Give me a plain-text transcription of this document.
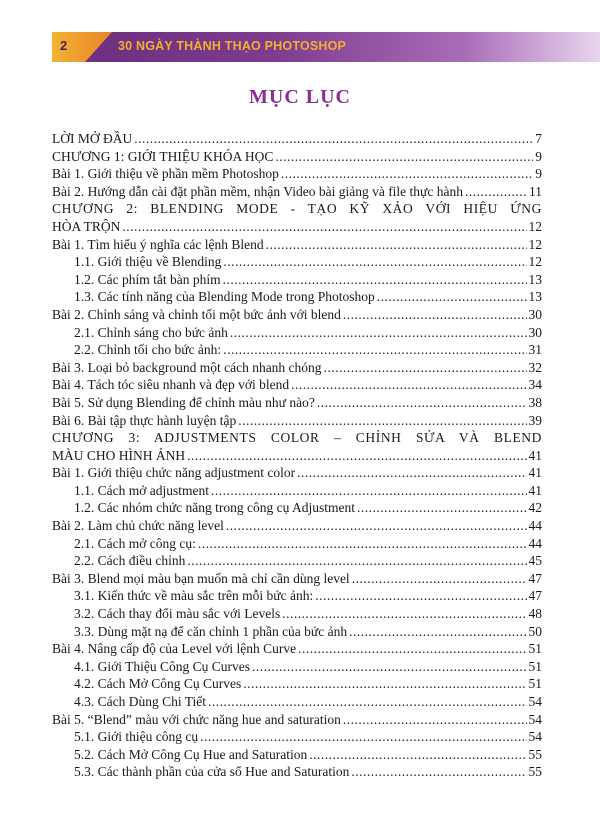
2	30 NGÀY THÀNH THẠO PHOTOSHOP
MỤC LỤC
LỜI MỞ ĐẦU .....	7
CHƯƠNG 1: GIỚI THIỆU KHÓA HỌC .....	9
Bài 1. Giới thiệu về phần mềm Photoshop .....	9
Bài 2. Hướng dẫn cài đặt phần mềm, nhận Video bài giảng và file thực hành .....	11
CHƯƠNG 2: BLENDING MODE - TẠO KỸ XẢO VỚI HIỆU ỨNG
HÒA TRỘN .....	12
Bài 1. Tìm hiểu ý nghĩa các lệnh Blend .....	12
1.1. Giới thiệu về Blending .....	12
1.2. Các phím tắt bàn phím .....	13
1.3. Các tính năng của Blending Mode trong Photoshop .....	13
Bài 2. Chỉnh sáng và chỉnh tối một bức ảnh với blend .....	30
2.1. Chỉnh sáng cho bức ảnh .....	30
2.2. Chỉnh tối cho bức ảnh: .....	31
Bài 3. Loại bỏ background một cách nhanh chóng .....	32
Bài 4. Tách tóc siêu nhanh và đẹp với blend .....	34
Bài 5. Sử dụng Blending để chỉnh màu như nào? .....	38
Bài 6. Bài tập thực hành luyện tập .....	39
CHƯƠNG 3: ADJUSTMENTS COLOR – CHỈNH SỬA VÀ BLEND
MÀU CHO HÌNH ẢNH .....	41
Bài 1. Giới thiệu chức năng adjustment color .....	41
1.1. Cách mở adjustment .....	41
1.2. Các nhóm chức năng trong công cụ Adjustment .....	42
Bài 2. Làm chủ chức năng level .....	44
2.1. Cách mở công cụ: .....	44
2.2. Cách điều chỉnh .....	45
Bài 3. Blend mọi màu bạn muốn mà chỉ cần dùng level .....	47
3.1. Kiến thức về màu sắc trên mỗi bức ảnh: .....	47
3.2. Cách thay đổi màu sắc với Levels .....	48
3.3. Dùng mặt nạ để căn chỉnh 1 phần của bức ảnh .....	50
Bài 4. Nâng cấp độ của Level với lệnh Curve .....	51
4.1. Giới Thiệu Công Cụ Curves .....	51
4.2. Cách Mở Công Cụ Curves .....	51
4.3. Cách Dùng Chi Tiết .....	54
Bài 5. “Blend” màu với chức năng hue and saturation .....	54
5.1. Giới thiệu công cụ .....	54
5.2. Cách Mở Công Cụ Hue and Saturation .....	55
5.3. Các thành phần của cửa sổ Hue and Saturation .....	55
